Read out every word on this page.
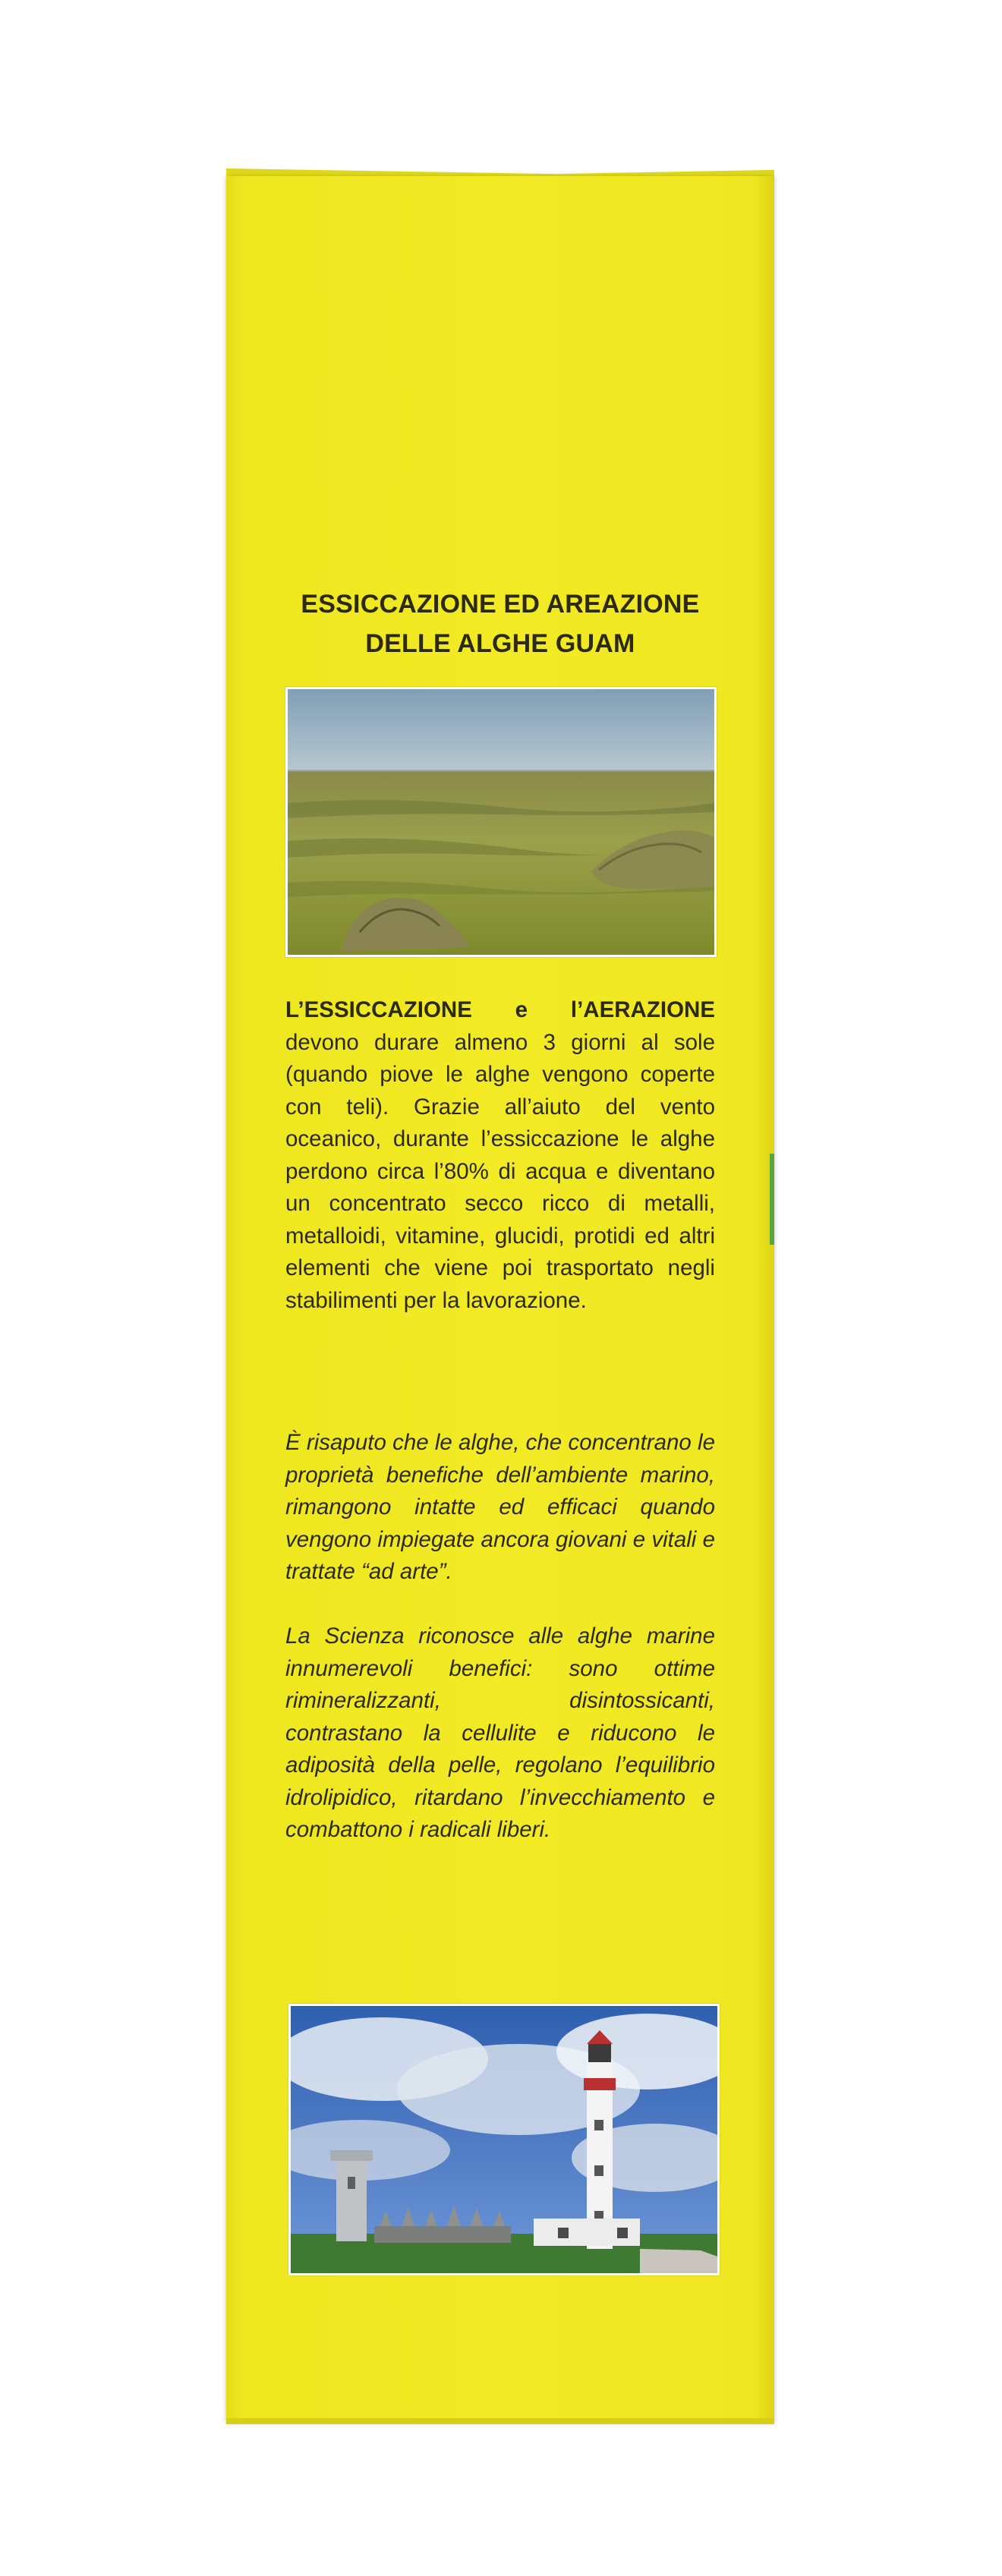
ESSICCAZIONE ED AREAZIONE
DELLE ALGHE GUAM

L’ESSICCAZIONE e l’AERAZIONE devono durare almeno 3 giorni al sole (quando piove le alghe vengono coperte con teli). Grazie all’aiuto del vento oceanico, durante l’essiccazione le alghe perdono circa l’80% di acqua e diventano un concentrato secco ricco di metalli, metalloidi, vitamine, glucidi, protidi ed altri elementi che viene poi trasportato negli stabilimenti per la lavorazione.

È risaputo che le alghe, che concentrano le proprietà benefiche dell’ambiente marino, rimangono intatte ed efficaci quando vengono impiegate ancora giovani e vitali e trattate “ad arte”.

La Scienza riconosce alle alghe marine innumerevoli benefici: sono ottime rimineralizzanti, disintossicanti, contrastano la cellulite e riducono le adiposità della pelle, regolano l’equilibrio idrolipidico, ritardano l’invecchiamento e combattono i radicali liberi.
